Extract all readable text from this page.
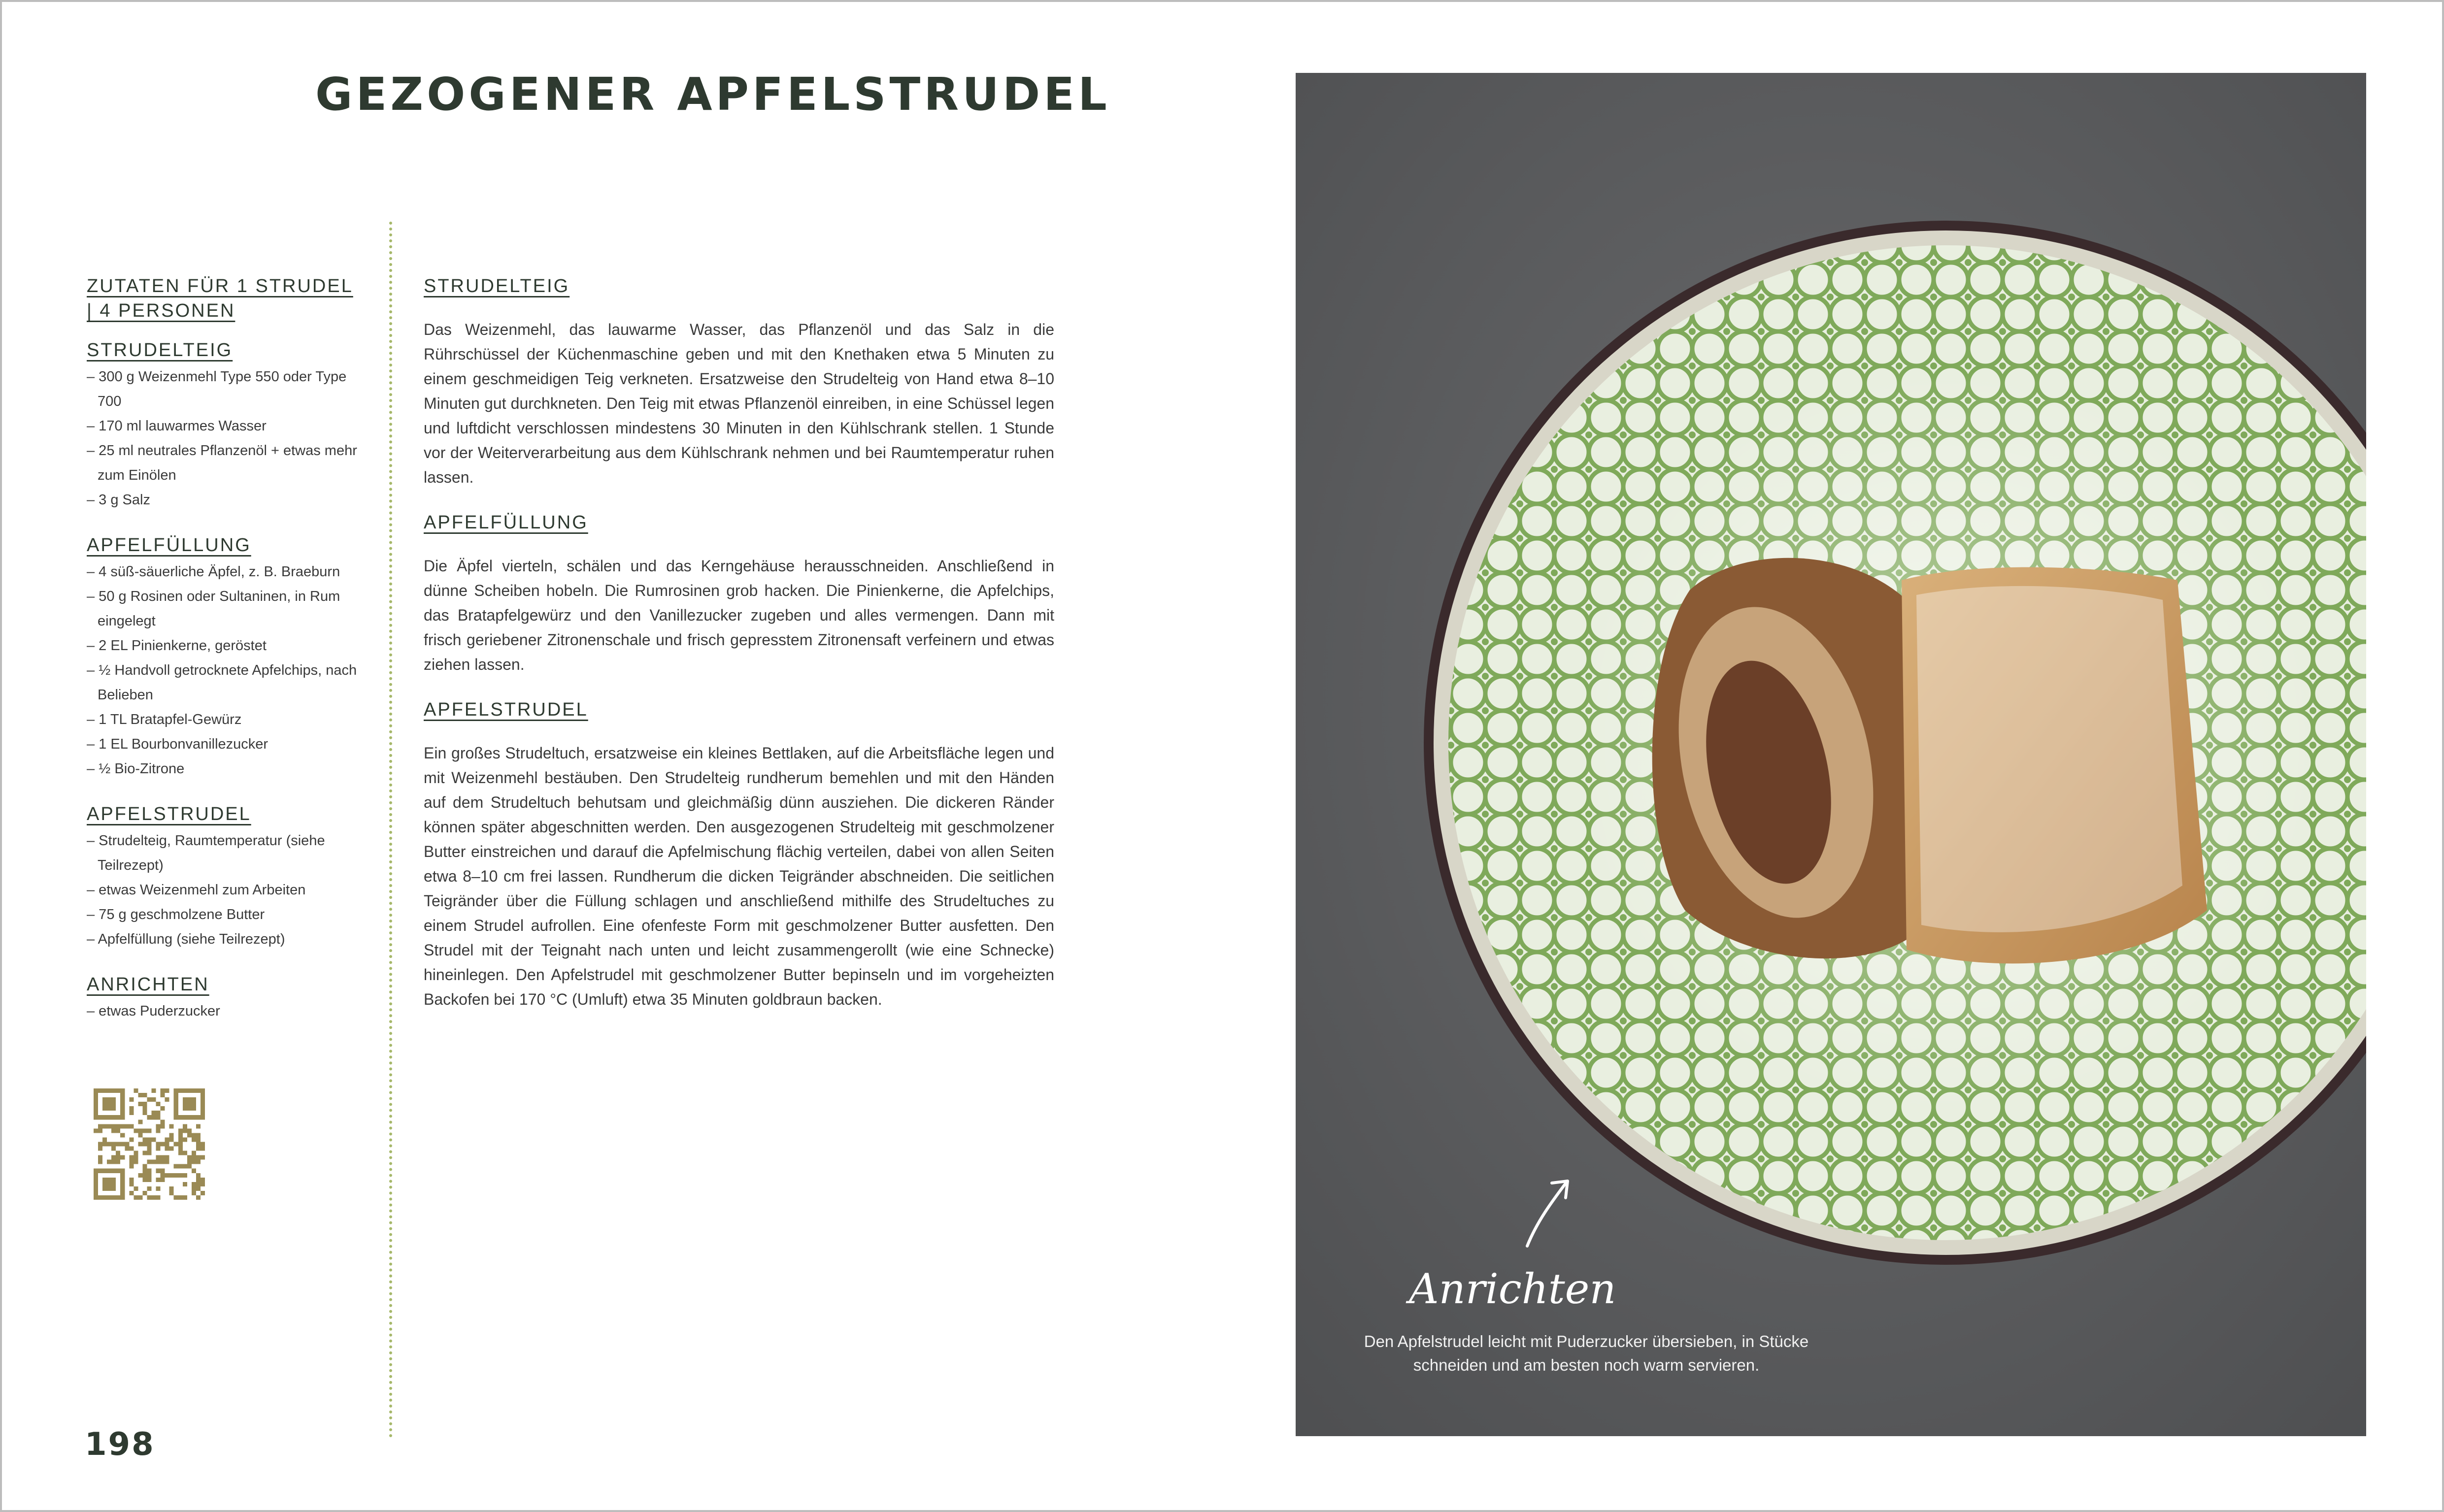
GEZOGENER APFELSTRUDEL

ZUTATEN FÜR 1 STRUDEL | 4 PERSONEN

STRUDELTEIG

– 300 g Weizenmehl Type 550 oder Type 700
– 170 ml lauwarmes Wasser
– 25 ml neutrales Pflanzenöl + etwas mehr zum Einölen
– 3 g Salz

APFELFÜLLUNG

– 4 süß-säuerliche Äpfel, z. B. Braeburn
– 50 g Rosinen oder Sultaninen, in Rum eingelegt
– 2 EL Pinienkerne, geröstet
– ½ Handvoll getrocknete Apfelchips, nach Belieben
– 1 TL Bratapfel-Gewürz
– 1 EL Bourbonvanillezucker
– ½ Bio-Zitrone

APFELSTRUDEL

– Strudelteig, Raumtemperatur (siehe Teilrezept)
– etwas Weizenmehl zum Arbeiten
– 75 g geschmolzene Butter
– Apfelfüllung (siehe Teilrezept)

ANRICHTEN

– etwas Puderzucker

STRUDELTEIG

Das Weizenmehl, das lauwarme Wasser, das Pflanzenöl und das Salz in die Rührschüssel der Küchenmaschine geben und mit den Knethaken etwa 5 Minuten zu einem geschmeidigen Teig verkneten. Ersatzweise den Strudelteig von Hand etwa 8–10 Minuten gut durchkneten. Den Teig mit etwas Pflanzenöl einreiben, in eine Schüssel legen und luftdicht verschlossen mindestens 30 Minuten in den Kühlschrank stellen. 1 Stunde vor der Weiterverarbeitung aus dem Kühlschrank nehmen und bei Raumtemperatur ruhen lassen.

APFELFÜLLUNG

Die Äpfel vierteln, schälen und das Kerngehäuse herausschneiden. Anschließend in dünne Scheiben hobeln. Die Rumrosinen grob hacken. Die Pinienkerne, die Apfelchips, das Bratapfelgewürz und den Vanillezucker zugeben und alles vermengen. Dann mit frisch geriebener Zitronenschale und frisch gepresstem Zitronensaft verfeinern und etwas ziehen lassen.

APFELSTRUDEL

Ein großes Strudeltuch, ersatzweise ein kleines Bettlaken, auf die Arbeitsfläche legen und mit Weizenmehl bestäuben. Den Strudelteig rundherum bemehlen und mit den Händen auf dem Strudeltuch behutsam und gleichmäßig dünn ausziehen. Die dickeren Ränder können später abgeschnitten werden. Den ausgezogenen Strudelteig mit geschmolzener Butter einstreichen und darauf die Apfelmischung flächig verteilen, dabei von allen Seiten etwa 8–10 cm frei lassen. Rundherum die dicken Teigränder abschneiden. Die seitlichen Teigränder über die Füllung schlagen und anschließend mithilfe des Strudeltuches zu einem Strudel aufrollen. Eine ofenfeste Form mit geschmolzener Butter ausfetten. Den Strudel mit der Teignaht nach unten und leicht zusammengerollt (wie eine Schnecke) hineinlegen. Den Apfelstrudel mit geschmolzener Butter bepinseln und im vorgeheizten Backofen bei 170 °C (Umluft) etwa 35 Minuten goldbraun backen.

198
Anrichten
Den Apfelstrudel leicht mit Puderzucker übersieben, in Stücke schneiden und am besten noch warm servieren.
